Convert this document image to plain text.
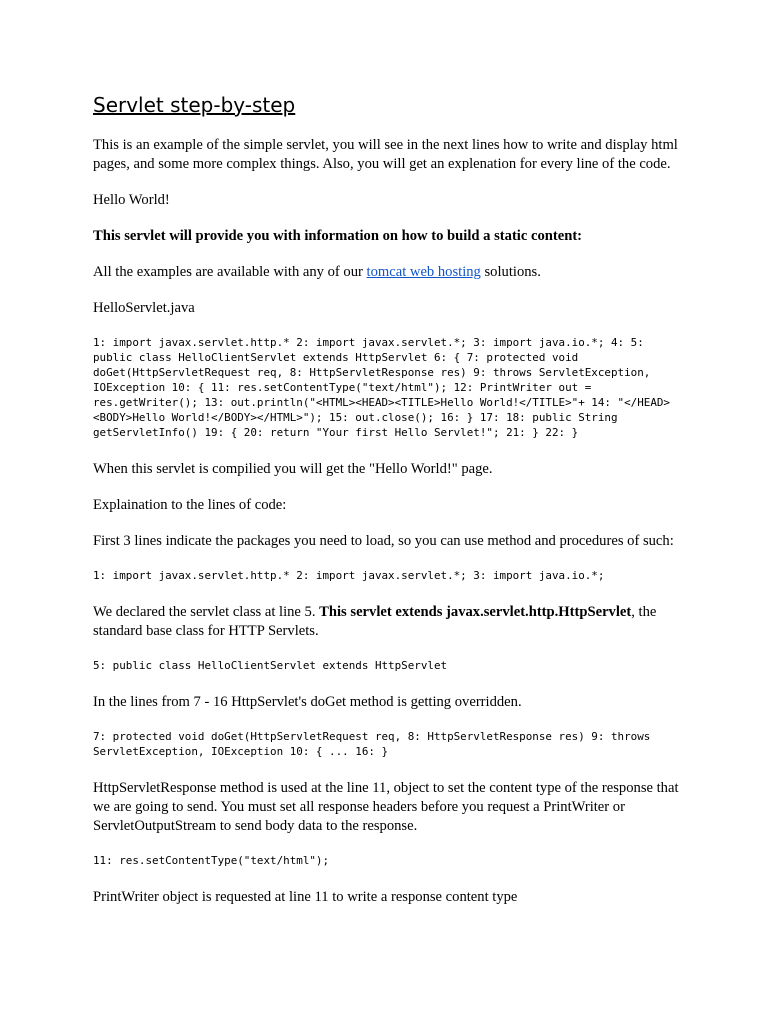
Servlet step-by-step

This is an example of the simple servlet, you will see in the next lines how to write and display html pages, and some more complex things. Also, you will get an explenation for every line of the code.

Hello World!

This servlet will provide you with information on how to build a static content:

All the examples are available with any of our tomcat web hosting solutions.

HelloServlet.java

1: import javax.servlet.http.* 2: import javax.servlet.*; 3: import java.io.*; 4: 5: public class HelloClientServlet extends HttpServlet 6: { 7: protected void doGet(HttpServletRequest req, 8: HttpServletResponse res) 9: throws ServletException, IOException 10: { 11: res.setContentType("text/html"); 12: PrintWriter out = res.getWriter(); 13: out.println("<HTML><HEAD><TITLE>Hello World!</TITLE>"+ 14: "</HEAD><BODY>Hello World!</BODY></HTML>"); 15: out.close(); 16: } 17: 18: public String getServletInfo() 19: { 20: return "Your first Hello Servlet!"; 21: } 22: }

When this servlet is compilied you will get the "Hello World!" page.

Explaination to the lines of code:

First 3 lines indicate the packages you need to load, so you can use method and procedures of such:

1: import javax.servlet.http.* 2: import javax.servlet.*; 3: import java.io.*;

We declared the servlet class at line 5. This servlet extends javax.servlet.http.HttpServlet, the standard base class for HTTP Servlets.

5: public class HelloClientServlet extends HttpServlet

In the lines from 7 - 16 HttpServlet's doGet method is getting overridden.

7: protected void doGet(HttpServletRequest req, 8: HttpServletResponse res) 9: throws ServletException, IOException 10: { ... 16: }

HttpServletResponse method is used at the line 11, object to set the content type of the response that we are going to send. You must set all response headers before you request a PrintWriter or ServletOutputStream to send body data to the response.

11: res.setContentType("text/html");

PrintWriter object is requested at line 11 to write a response content type
